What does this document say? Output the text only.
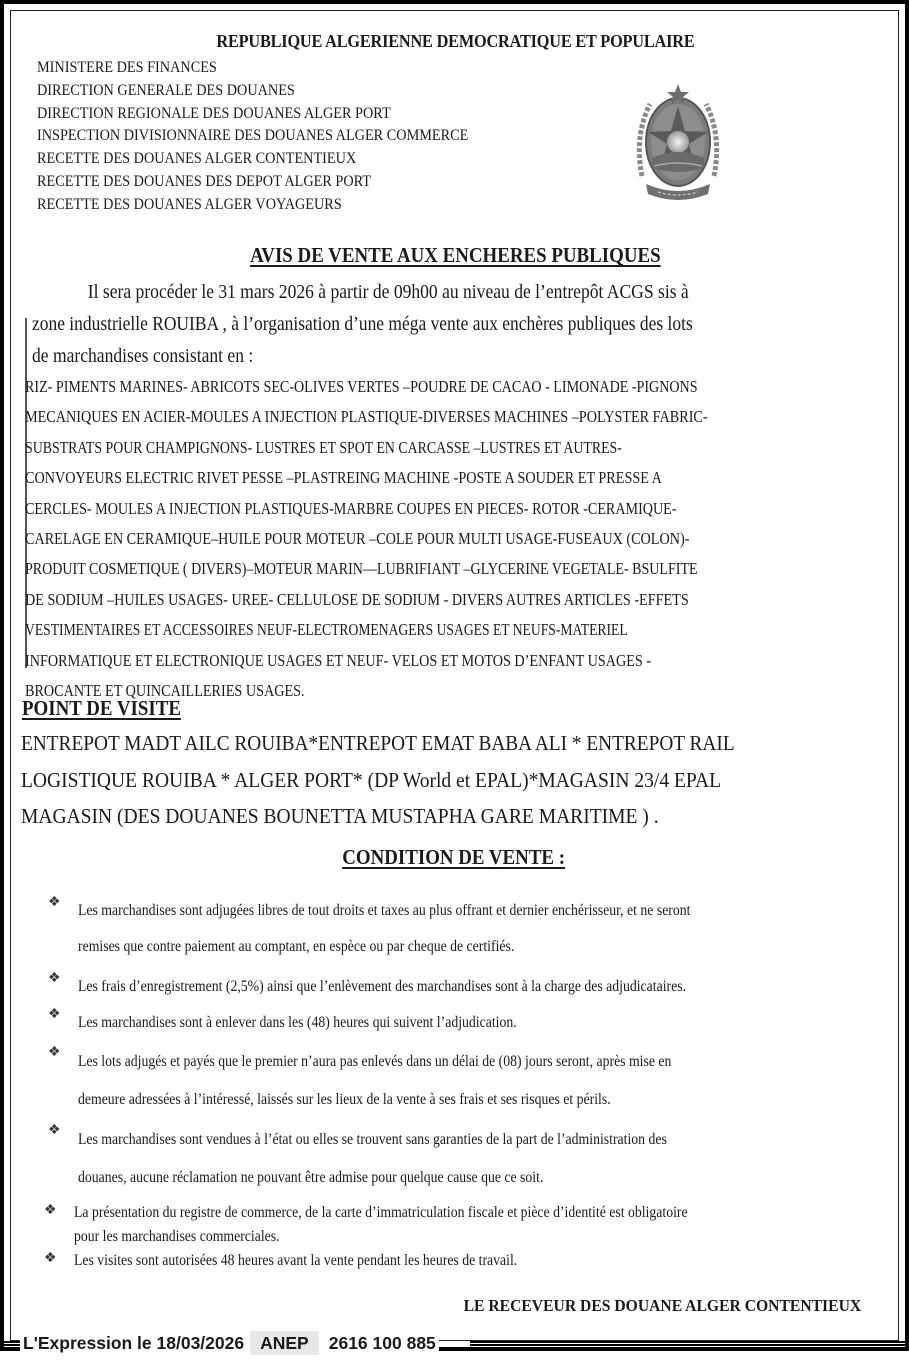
REPUBLIQUE ALGERIENNE DEMOCRATIQUE ET POPULAIRE
MINISTERE DES FINANCES
DIRECTION GENERALE DES DOUANES
DIRECTION REGIONALE DES DOUANES ALGER PORT
INSPECTION DIVISIONNAIRE DES DOUANES ALGER COMMERCE
RECETTE DES DOUANES ALGER CONTENTIEUX
RECETTE DES DOUANES DES DEPOT ALGER PORT
RECETTE DES DOUANES ALGER VOYAGEURS
AVIS DE VENTE AUX ENCHERES PUBLIQUES
Il sera procéder le 31 mars 2026 à partir de 09h00 au niveau de l’entrepôt ACGS sis à
zone industrielle ROUIBA , à l’organisation d’une méga vente aux enchères publiques des lots
de marchandises consistant en :
RIZ- PIMENTS MARINES- ABRICOTS SEC-OLIVES VERTES –POUDRE DE CACAO - LIMONADE -PIGNONS
MECANIQUES EN ACIER-MOULES A INJECTION PLASTIQUE-DIVERSES MACHINES –POLYSTER FABRIC-
SUBSTRATS POUR CHAMPIGNONS- LUSTRES ET SPOT EN CARCASSE –LUSTRES ET AUTRES-
CONVOYEURS ELECTRIC RIVET PESSE –PLASTREING MACHINE -POSTE A SOUDER ET PRESSE A
CERCLES- MOULES A INJECTION PLASTIQUES-MARBRE COUPES EN PIECES- ROTOR -CERAMIQUE-
CARELAGE EN CERAMIQUE–HUILE POUR MOTEUR –COLE POUR MULTI USAGE-FUSEAUX (COLON)-
PRODUIT COSMETIQUE ( DIVERS)–MOTEUR MARIN—LUBRIFIANT –GLYCERINE VEGETALE- BSULFITE
DE SODIUM –HUILES USAGES- UREE- CELLULOSE DE SODIUM - DIVERS AUTRES ARTICLES -EFFETS
VESTIMENTAIRES ET ACCESSOIRES NEUF-ELECTROMENAGERS USAGES ET NEUFS-MATERIEL
INFORMATIQUE ET ELECTRONIQUE USAGES ET NEUF- VELOS ET MOTOS D’ENFANT USAGES -
BROCANTE ET QUINCAILLERIES USAGES.
POINT DE VISITE
ENTREPOT MADT AILC ROUIBA*ENTREPOT EMAT BABA ALI * ENTREPOT RAIL
LOGISTIQUE ROUIBA * ALGER PORT* (DP World et EPAL)*MAGASIN 23/4 EPAL
MAGASIN (DES DOUANES BOUNETTA MUSTAPHA GARE MARITIME ) .
CONDITION DE VENTE :
❖ Les marchandises sont adjugées libres de tout droits et taxes au plus offrant et dernier enchérisseur, et ne seront
remises que contre paiement au comptant, en espèce ou par cheque de certifiés.
❖ Les frais d’enregistrement (2,5%) ainsi que l’enlèvement des marchandises sont à la charge des adjudicataires.
❖ Les marchandises sont à enlever dans les (48) heures qui suivent l’adjudication.
❖
Les lots adjugés et payés que le premier n’aura pas enlevés dans un délai de (08) jours seront, après mise en
demeure adressées à l’intéressé, laissés sur les lieux de la vente à ses frais et ses risques et périls.
❖
Les marchandises sont vendues à l’état ou elles se trouvent sans garanties de la part de l’administration des
douanes, aucune réclamation ne pouvant être admise pour quelque cause que ce soit.
❖ La présentation du registre de commerce, de la carte d’immatriculation fiscale et pièce d’identité est obligatoire
pour les marchandises commerciales.
❖ Les visites sont autorisées 48 heures avant la vente pendant les heures de travail.
LE RECEVEUR DES DOUANE ALGER CONTENTIEUX
L'Expression le 18/03/2026 ANEP 2616 100 885
